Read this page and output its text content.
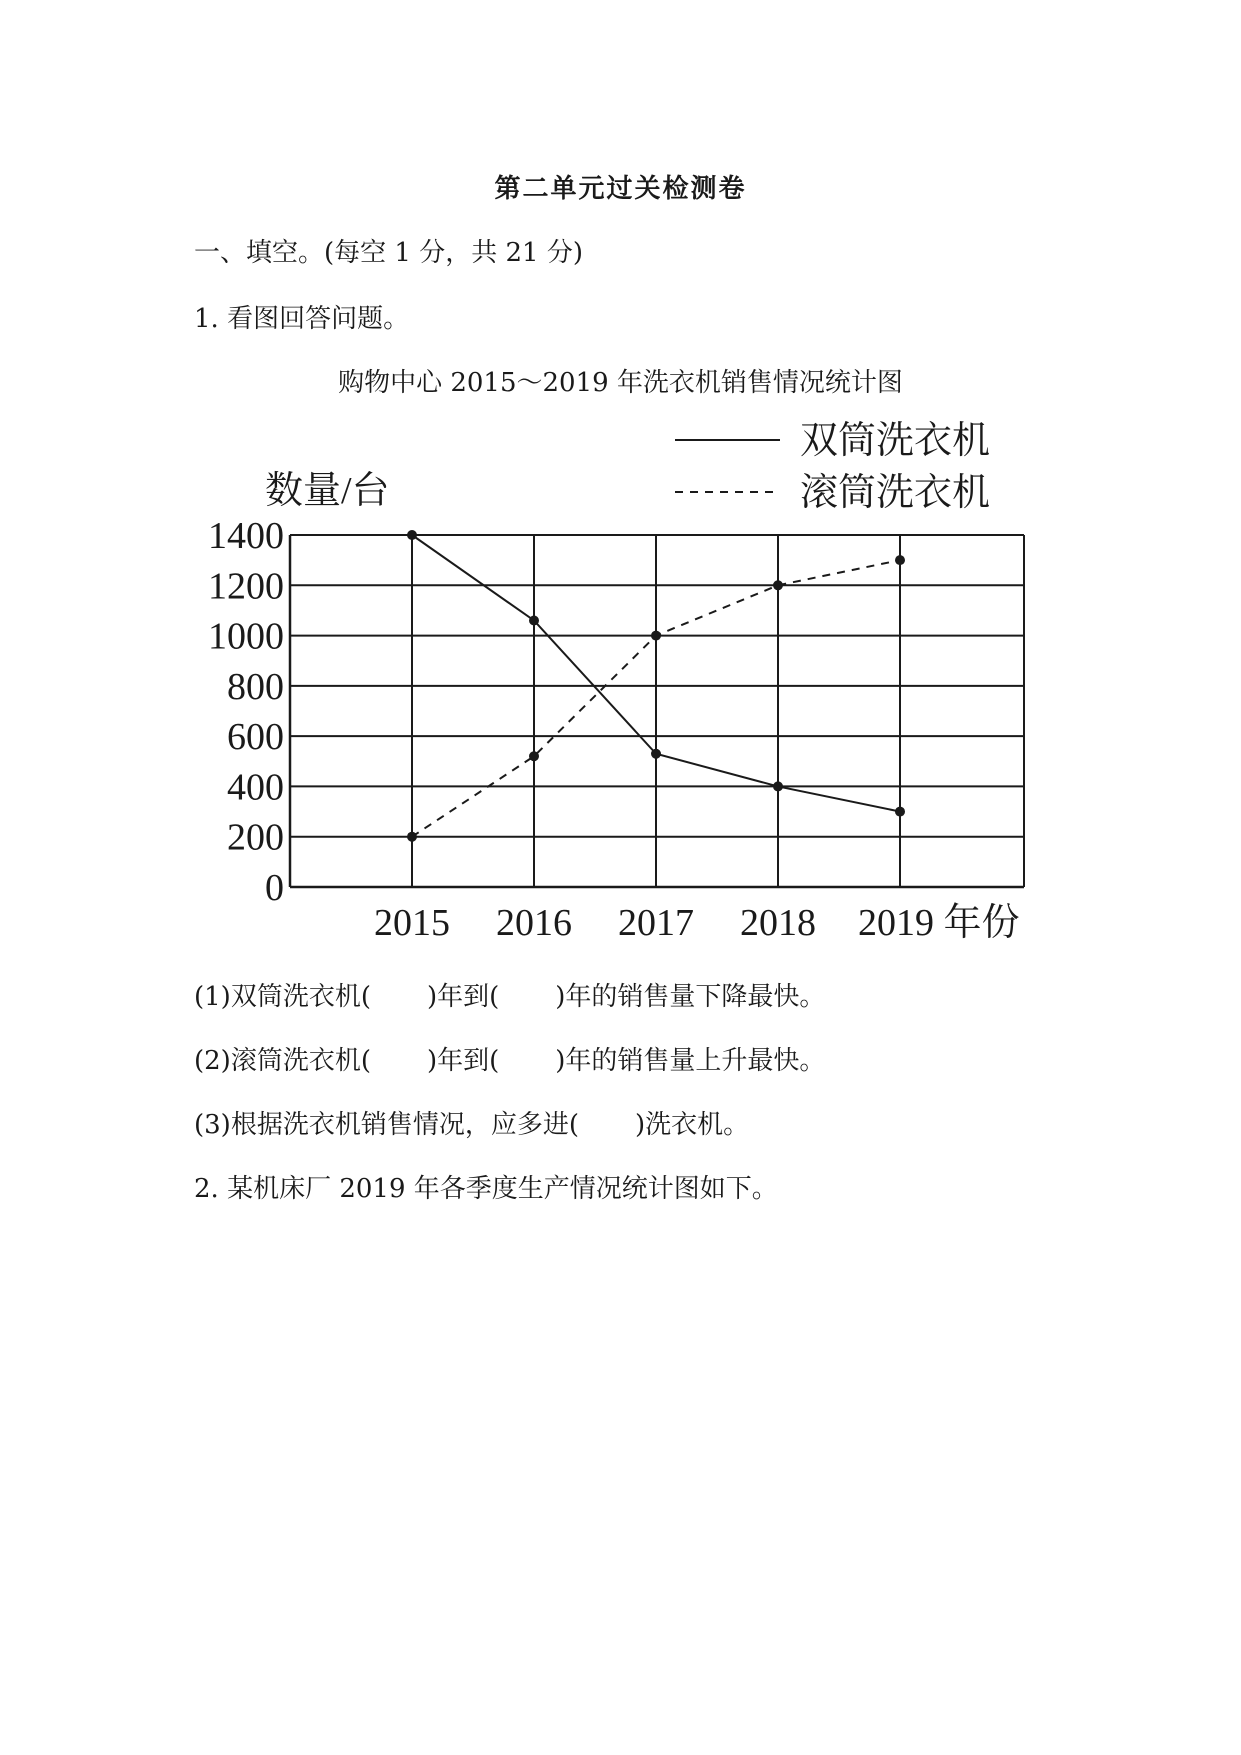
第二单元过关检测卷
一、填空。(每空 1 分，共 21 分)
1. 看图回答问题。
购物中心 2015～2019 年洗衣机销售情况统计图
数量/台
双筒洗衣机
滚筒洗衣机
0
200
400
600
800
1000
1200
1400
2015 2016 2017 2018 2019 年份
(1)双筒洗衣机( )年到( )年的销售量下降最快。
(2)滚筒洗衣机( )年到( )年的销售量上升最快。
(3)根据洗衣机销售情况，应多进( )洗衣机。
2. 某机床厂 2019 年各季度生产情况统计图如下。
